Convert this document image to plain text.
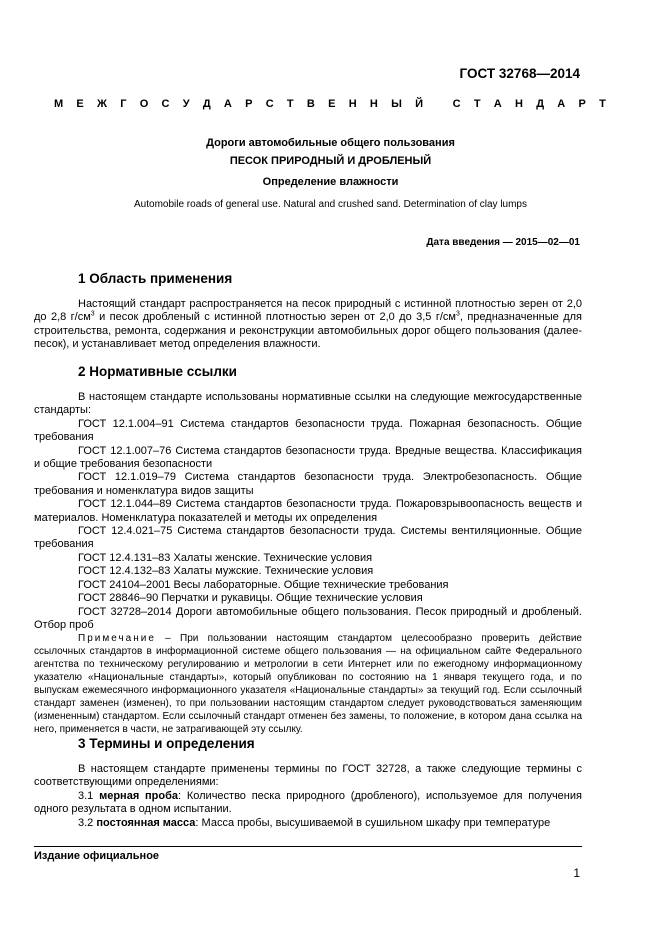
ГОСТ 32768—2014
М Е Ж Г О С У Д А Р С Т В Е Н Н Ы Й
	С Т А Н Д А Р Т
Дороги автомобильные общего пользования
ПЕСОК ПРИРОДНЫЙ И ДРОБЛЕНЫЙ
Определение влажности
Automobile roads of general use. Natural and crushed sand. Determination of clay lumps
Дата введения — 2015—02—01
1 Область применения

Настоящий стандарт распространяется на песок природный с истинной плотностью зерен от 2,0 до 2,8 $г/см^3$ и песок дробленый с истинной плотностью зерен от 2,0 до 3,5 $г/см^3$, предназначенные для строительства, ремонта, содержания и реконструкции автомобильных дорог общего пользования (далее-песок), и устанавливает метод определения влажности.

2 Нормативные ссылки

В настоящем стандарте использованы нормативные ссылки на следующие межгосударственные стандарты:

ГОСТ 12.1.004–91 Система стандартов безопасности труда. Пожарная безопасность. Общие требования

ГОСТ 12.1.007–76 Система стандартов безопасности труда. Вредные вещества. Классификация и общие требования безопасности

ГОСТ 12.1.019–79 Система стандартов безопасности труда. Электробезопасность. Общие требования и номенклатура видов защиты

ГОСТ 12.1.044–89 Система стандартов безопасности труда. Пожаровзрывоопасность веществ и материалов. Номенклатура показателей и методы их определения

ГОСТ 12.4.021–75 Система стандартов безопасности труда. Системы вентиляционные. Общие требования

ГОСТ 12.4.131–83 Халаты женские. Технические условия

ГОСТ 12.4.132–83 Халаты мужские. Технические условия

ГОСТ 24104–2001 Весы лабораторные. Общие технические требования

ГОСТ 28846–90 Перчатки и рукавицы. Общие технические условия

ГОСТ 32728–2014 Дороги автомобильные общего пользования. Песок природный и дробленый. Отбор проб

Примечание – При пользовании настоящим стандартом целесообразно проверить действие ссылочных стандартов в информационной системе общего пользования — на официальном сайте Федерального агентства по техническому регулированию и метрологии в сети Интернет или по ежегодному информационному указателю «Национальные стандарты», который опубликован по состоянию на 1 января текущего года, и по выпускам ежемесячного информационного указателя «Национальные стандарты» за текущий год. Если ссылочный стандарт заменен (изменен), то при пользовании настоящим стандартом следует руководствоваться заменяющим (измененным) стандартом. Если ссылочный стандарт отменен без замены, то положение, в котором дана ссылка на него, применяется в части, не затрагивающей эту ссылку.

3 Термины и определения

В настоящем стандарте применены термины по ГОСТ 32728, а также следующие термины с соответствующими определениями:

3.1 мерная проба: Количество песка природного (дробленого), используемое для получения одного результата в одном испытании.

3.2 постоянная масса: Масса пробы, высушиваемой в сушильном шкафу при температуре

Издание официальное
1
